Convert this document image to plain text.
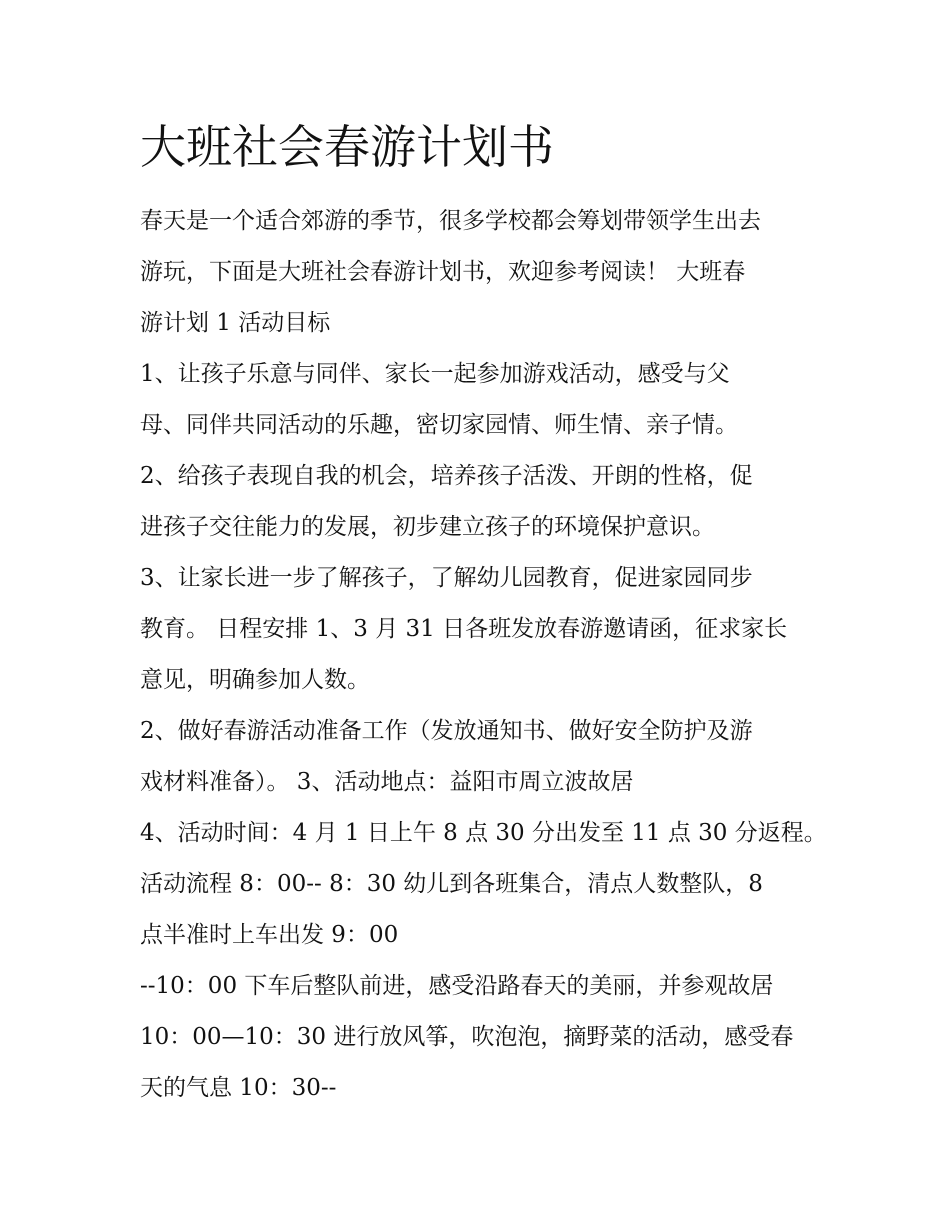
大班社会春游计划书
春天是一个适合郊游的季节，很多学校都会筹划带领学生出去
游玩，下面是大班社会春游计划书，欢迎参考阅读！ 大班春
游计划 1 活动目标
1、让孩子乐意与同伴、家长一起参加游戏活动，感受与父
母、同伴共同活动的乐趣，密切家园情、师生情、亲子情。
2、给孩子表现自我的机会，培养孩子活泼、开朗的性格，促
进孩子交往能力的发展，初步建立孩子的环境保护意识。
3、让家长进一步了解孩子，了解幼儿园教育，促进家园同步
教育。 日程安排 1、3 月 31 日各班发放春游邀请函，征求家长
意见，明确参加人数。
2、做好春游活动准备工作（发放通知书、做好安全防护及游
戏材料准备）。 3、活动地点：益阳市周立波故居
4、活动时间：4 月 1 日上午 8 点 30 分出发至 11 点 30 分返程。
活动流程 8：00-- 8：30 幼儿到各班集合，清点人数整队，8
点半准时上车出发 9：00
--10：00 下车后整队前进，感受沿路春天的美丽，并参观故居
10：00—10：30 进行放风筝，吹泡泡，摘野菜的活动，感受春
天的气息 10：30--
